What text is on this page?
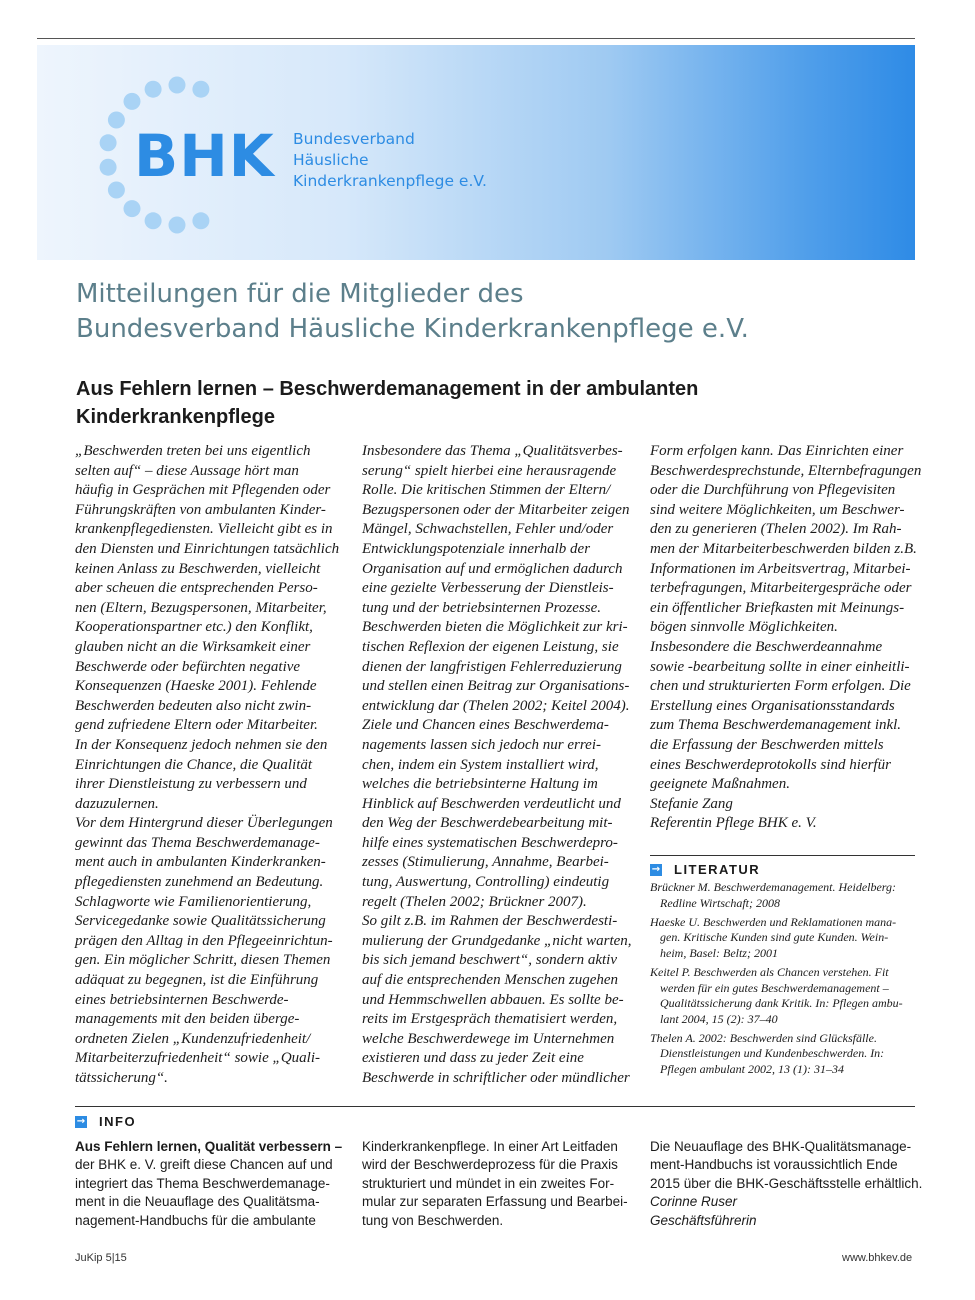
BHK Bundesverband
Häusliche
Kinderkrankenpflege e.V.
Mitteilungen für die Mitglieder des
Bundesverband Häusliche Kinderkrankenpflege e.V.
Aus Fehlern lernen – Beschwerdemanagement in der ambulanten
Kinderkrankenpflege
„Beschwerden treten bei uns eigentlich
selten auf“ – diese Aussage hört man
häufig in Gesprächen mit Pflegenden oder
Führungskräften von ambulanten Kinder-
krankenpflegediensten. Vielleicht gibt es in
den Diensten und Einrichtungen tatsächlich
keinen Anlass zu Beschwerden, vielleicht
aber scheuen die entsprechenden Perso-
nen (Eltern, Bezugspersonen, Mitarbeiter,
Kooperationspartner etc.) den Konflikt,
glauben nicht an die Wirksamkeit einer
Beschwerde oder befürchten negative
Konsequenzen (Haeske 2001). Fehlende
Beschwerden bedeuten also nicht zwin-
gend zufriedene Eltern oder Mitarbeiter.
In der Konsequenz jedoch nehmen sie den
Einrichtungen die Chance, die Qualität
ihrer Dienstleistung zu verbessern und
dazuzulernen.
Vor dem Hintergrund dieser Überlegungen
gewinnt das Thema Beschwerdemanage-
ment auch in ambulanten Kinderkranken-
pflegediensten zunehmend an Bedeutung.
Schlagworte wie Familienorientierung,
Servicegedanke sowie Qualitätssicherung
prägen den Alltag in den Pflegeeinrichtun-
gen. Ein möglicher Schritt, diesen Themen
adäquat zu begegnen, ist die Einführung
eines betriebsinternen Beschwerde-
managements mit den beiden überge-
ordneten Zielen „Kundenzufriedenheit/
Mitarbeiterzufriedenheit“ sowie „Quali-
tätssicherung“.
Insbesondere das Thema „Qualitätsverbes-
serung“ spielt hierbei eine herausragende
Rolle. Die kritischen Stimmen der Eltern/
Bezugspersonen oder der Mitarbeiter zeigen
Mängel, Schwachstellen, Fehler und/oder
Entwicklungspotenziale innerhalb der
Organisation auf und ermöglichen dadurch
eine gezielte Verbesserung der Dienstleis-
tung und der betriebsinternen Prozesse.
Beschwerden bieten die Möglichkeit zur kri-
tischen Reflexion der eigenen Leistung, sie
dienen der langfristigen Fehlerreduzierung
und stellen einen Beitrag zur Organisations-
entwicklung dar (Thelen 2002; Keitel 2004).
Ziele und Chancen eines Beschwerdema-
nagements lassen sich jedoch nur errei-
chen, indem ein System installiert wird,
welches die betriebsinterne Haltung im
Hinblick auf Beschwerden verdeutlicht und
den Weg der Beschwerdebearbeitung mit-
hilfe eines systematischen Beschwerdepro-
zesses (Stimulierung, Annahme, Bearbei-
tung, Auswertung, Controlling) eindeutig
regelt (Thelen 2002; Brückner 2007).
So gilt z.B. im Rahmen der Beschwerdesti-
mulierung der Grundgedanke „nicht warten,
bis sich jemand beschwert“, sondern aktiv
auf die entsprechenden Menschen zugehen
und Hemmschwellen abbauen. Es sollte be-
reits im Erstgespräch thematisiert werden,
welche Beschwerdewege im Unternehmen
existieren und dass zu jeder Zeit eine
Beschwerde in schriftlicher oder mündlicher
Form erfolgen kann. Das Einrichten einer
Beschwerdesprechstunde, Elternbefragungen
oder die Durchführung von Pflegevisiten
sind weitere Möglichkeiten, um Beschwer-
den zu generieren (Thelen 2002). Im Rah-
men der Mitarbeiterbeschwerden bilden z.B.
Informationen im Arbeitsvertrag, Mitarbei-
terbefragungen, Mitarbeitergespräche oder
ein öffentlicher Briefkasten mit Meinungs-
bögen sinnvolle Möglichkeiten.
Insbesondere die Beschwerdeannahme
sowie -bearbeitung sollte in einer einheitli-
chen und strukturierten Form erfolgen. Die
Erstellung eines Organisationsstandards
zum Thema Beschwerdemanagement inkl.
die Erfassung der Beschwerden mittels
eines Beschwerdeprotokolls sind hierfür
geeignete Maßnahmen.
Stefanie Zang
Referentin Pflege BHK e. V.
→ LITERATUR
Brückner M. Beschwerdemanagement. Heidelberg:
Redline Wirtschaft; 2008
Haeske U. Beschwerden und Reklamationen mana-
gen. Kritische Kunden sind gute Kunden. Wein-
heim, Basel: Beltz; 2001
Keitel P. Beschwerden als Chancen verstehen. Fit
werden für ein gutes Beschwerdemanagement –
Qualitätssicherung dank Kritik. In: Pflegen ambu-
lant 2004, 15 (2): 37–40
Thelen A. 2002: Beschwerden sind Glücksfälle.
Dienstleistungen und Kundenbeschwerden. In:
Pflegen ambulant 2002, 13 (1): 31–34
→ INFO
Aus Fehlern lernen, Qualität verbessern –
der BHK e. V. greift diese Chancen auf und
integriert das Thema Beschwerdemanage-
ment in die Neuauflage des Qualitätsma-
nagement-Handbuchs für die ambulante
Kinderkrankenpflege. In einer Art Leitfaden
wird der Beschwerdeprozess für die Praxis
strukturiert und mündet in ein zweites For-
mular zur separaten Erfassung und Bearbei-
tung von Beschwerden.
Die Neuauflage des BHK-Qualitätsmanage-
ment-Handbuchs ist voraussichtlich Ende
2015 über die BHK-Geschäftsstelle erhältlich.
Corinne Ruser
Geschäftsführerin
JuKip 5|15	www.bhkev.de
